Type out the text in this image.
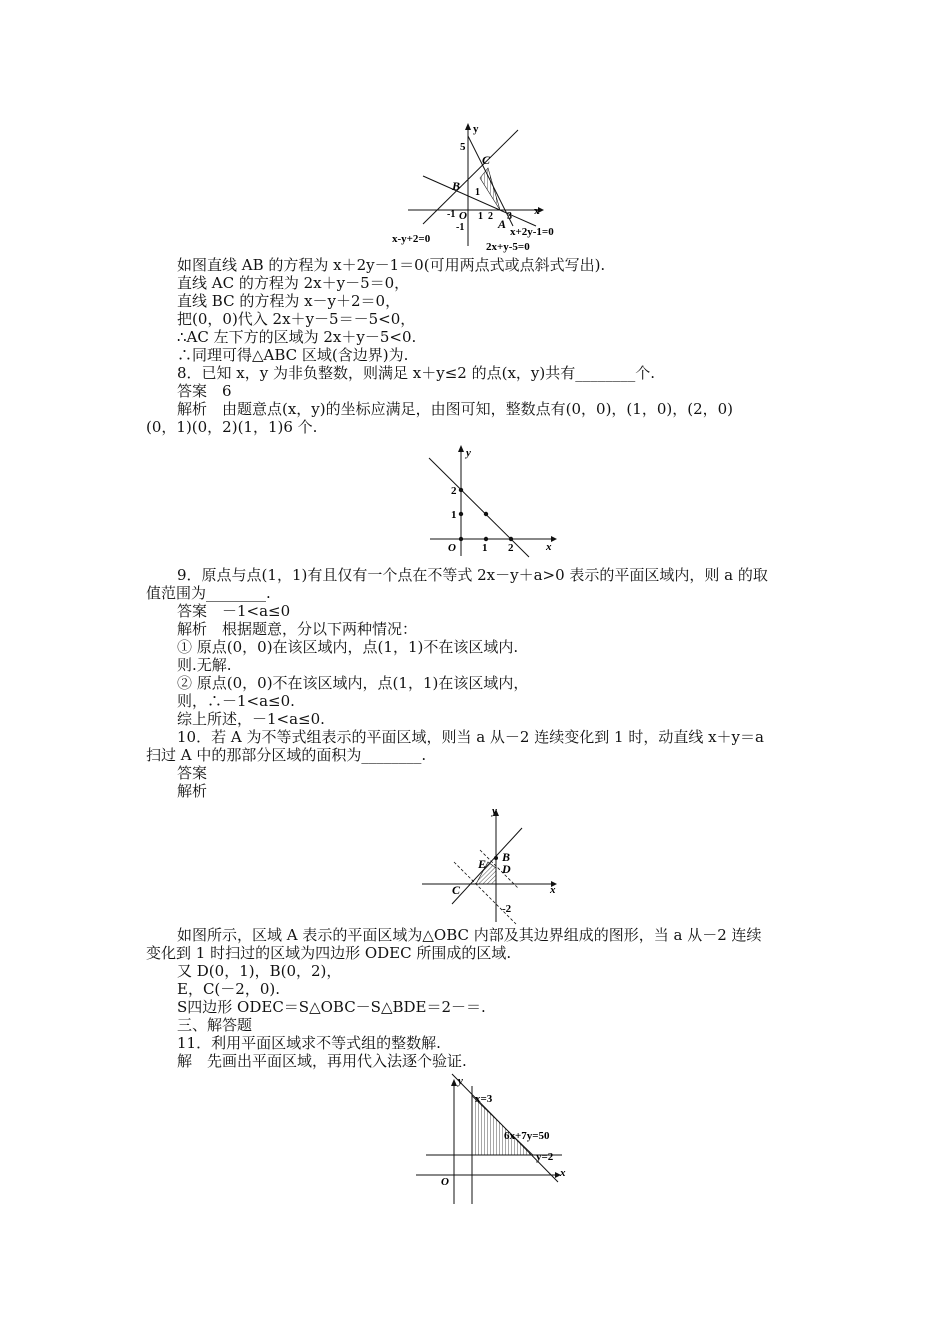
y
5
C
B 1
O
-1
-1
1 2 3 x
A
x-y+2=0
x+2y-1=0
2x+y-5=0
如图直线 AB 的方程为 x＋2y－1＝0(可用两点式或点斜式写出).
直线 AC 的方程为 2x＋y－5＝0，
直线 BC 的方程为 x－y＋2＝0，
把(0，0)代入 2x＋y－5＝－5<0，
∴AC 左下方的区域为 2x＋y－5<0.
∴同理可得△ABC 区域(含边界)为.
8．已知 x，y 为非负整数，则满足 x＋y≤2 的点(x，y)共有________个.
答案　6
解析　由题意点(x，y)的坐标应满足，由图可知，整数点有(0，0)，(1，0)，(2，0)
(0，1)(0，2)(1，1)6 个.
y
2
1
O 1 2	x
9．原点与点(1，1)有且仅有一个点在不等式 2x－y＋a>0 表示的平面区域内，则 a 的取
值范围为________.
答案　－1<a≤0
解析　根据题意，分以下两种情况：
① 原点(0，0)在该区域内，点(1，1)不在该区域内.
则.无解.
② 原点(0，0)不在该区域内，点(1，1)在该区域内，
则，∴－1<a≤0.
综上所述，－1<a≤0.
10．若 A 为不等式组表示的平面区域，则当 a 从－2 连续变化到 1 时，动直线 x＋y＝a
扫过 A 中的那部分区域的面积为________.
答案
解析
y
E B
D
C	x
-2
如图所示，区域 A 表示的平面区域为△OBC 内部及其边界组成的图形，当 a 从－2 连续
变化到 1 时扫过的区域为四边形 ODEC 所围成的区域.
又 D(0，1)，B(0，2)，
E，C(－2，0).
S四边形 ODEC＝S△OBC－S△BDE＝2－＝.
三、解答题
11．利用平面区域求不等式组的整数解.
解　先画出平面区域，再用代入法逐个验证.
y
x=3
6x+7y=50
y=2
O
x
